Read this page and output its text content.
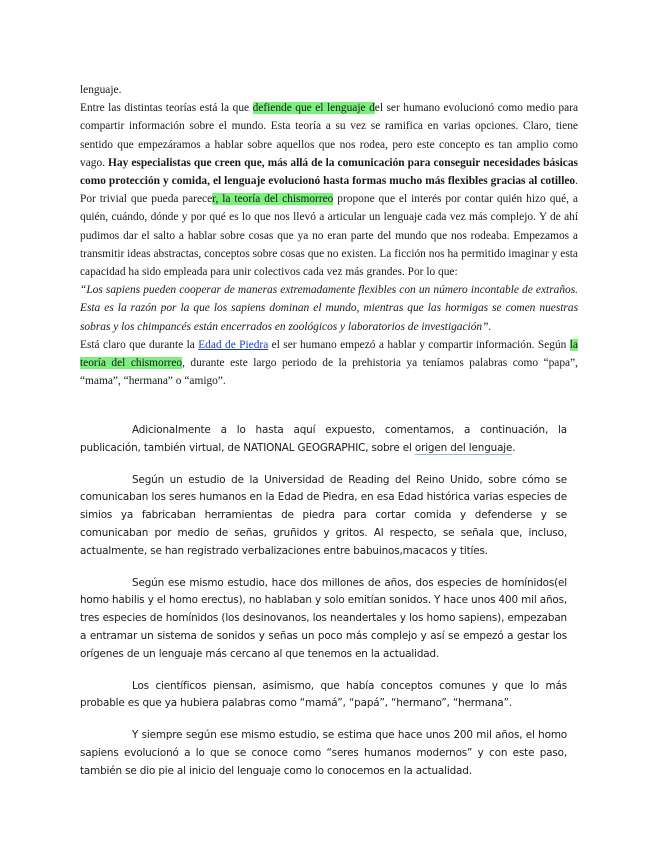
lenguaje.

Entre las distintas teorías está la que defiende que el lenguaje del ser humano evolucionó como medio para compartir información sobre el mundo. Esta teoría a su vez se ramifica en varias opciones. Claro, tiene sentido que empezáramos a hablar sobre aquellos que nos rodea, pero este concepto es tan amplio como vago. Hay especialistas que creen que, más allá de la comunicación para conseguir necesidades básicas como protección y comida, el lenguaje evolucionó hasta formas mucho más flexibles gracias al cotilleo. Por trivial que pueda parecer, la teoría del chismorreo propone que el interés por contar quién hizo qué, a quién, cuándo, dónde y por qué es lo que nos llevó a articular un lenguaje cada vez más complejo. Y de ahí pudimos dar el salto a hablar sobre cosas que ya no eran parte del mundo que nos rodeaba. Empezamos a transmitir ideas abstractas, conceptos sobre cosas que no existen. La ficción nos ha permitido imaginar y esta capacidad ha sido empleada para unir colectivos cada vez más grandes. Por lo que:

“Los sapiens pueden cooperar de maneras extremadamente flexibles con un número incontable de extraños. Esta es la razón por la que los sapiens dominan el mundo, mientras que las hormigas se comen nuestras sobras y los chimpancés están encerrados en zoológicos y laboratorios de investigación”.

Está claro que durante la Edad de Piedra el ser humano empezó a hablar y compartir información. Según la teoría del chismorreo, durante este largo periodo de la prehistoria ya teníamos palabras como “papa”, “mama”, “hermana” o “amigo”.

Adicionalmente a lo hasta aquí expuesto, comentamos, a continuación, la publicación, también virtual, de NATIONAL GEOGRAPHIC, sobre el origen del lenguaje.

Según un estudio de la Universidad de Reading del Reino Unido, sobre cómo se comunicaban los seres humanos en la Edad de Piedra, en esa Edad histórica varias especies de simios ya fabricaban herramientas de piedra para cortar comida y defenderse y se comunicaban por medio de señas, gruñidos y gritos. Al respecto, se señala que, incluso, actualmente, se han registrado verbalizaciones entre babuinos,macacos y titíes.

Según ese mismo estudio, hace dos millones de años, dos especies de homínidos(el homo habilis y el homo erectus), no hablaban y solo emitían sonidos. Y hace unos 400 mil años, tres especies de homínidos (los desinovanos, los neandertales y los homo sapiens), empezaban a entramar un sistema de sonidos y señas un poco más complejo y así se empezó a gestar los orígenes de un lenguaje más cercano al que tenemos en la actualidad.

Los científicos piensan, asimismo, que había conceptos comunes y que lo más probable es que ya hubiera palabras como “mamá”, “papá”, “hermano”, “hermana”.

Y siempre según ese mismo estudio, se estima que hace unos 200 mil años, el homo sapiens evolucionó a lo que se conoce como “seres humanos modernos” y con este paso, también se dio pie al inicio del lenguaje como lo conocemos en la actualidad.
